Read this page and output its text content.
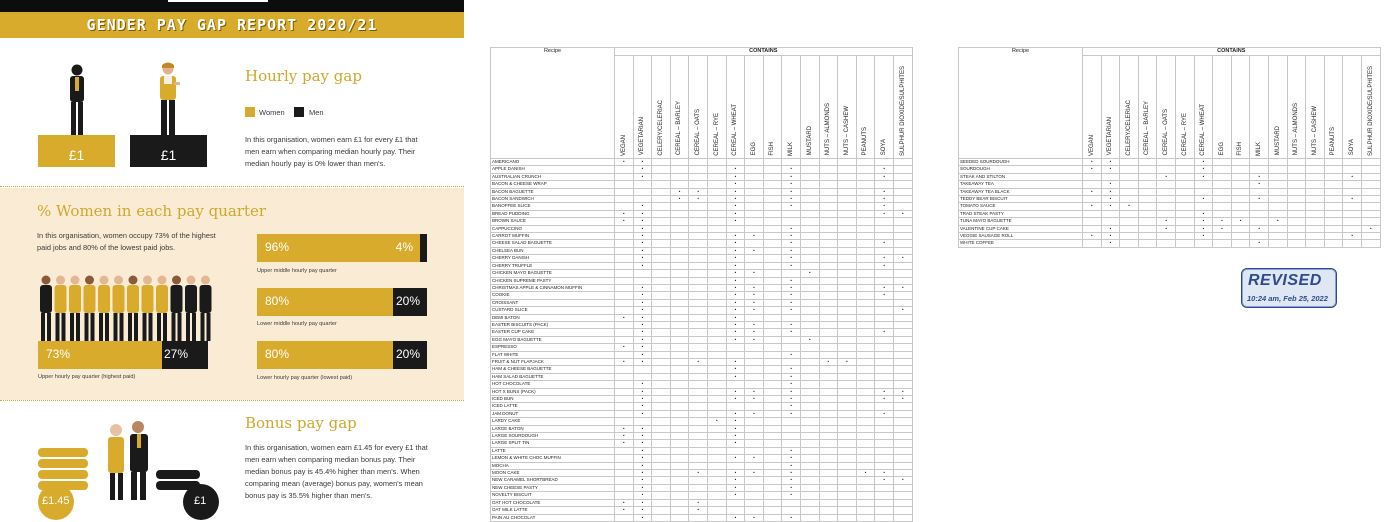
GENDER PAY GAP REPORT 2020/21
£1	£1
Hourly pay gap
Women	Men
In this organisation, women earn £1 for every £1 that men earn when comparing median hourly pay. Their median hourly pay is 0% lower than men's.
% Women in each pay quarter
In this organisation, women occupy 73% of the highest paid jobs and 80% of the lowest paid jobs.
73%	27%
Upper hourly pay quarter (highest paid)
96%	4%
Upper middle hourly pay quarter
80%	20%
Lower middle hourly pay quarter
80%	20%
Lower hourly pay quarter (lowest paid)
Bonus pay gap
In this organisation, women earn £1.45 for every £1 that men earn when comparing median bonus pay. Their median bonus pay is 45.4% higher than men's. When comparing mean (average) bonus pay, women's mean bonus pay is 35.5% higher than men's.
£1.45	£1
Recipe	CONTAINS															
	VEGAN	VEGETARIAN	CELERY/CELERIAC	CEREAL – BARLEY	CEREAL – OATS	CEREAL – RYE	CEREAL – WHEAT	EGG	FISH	MILK	MUSTARD	NUTS – ALMONDS	NUTS – CASHEW	PEANUTS	SOYA	SULPHUR DIOXIDE/SULPHITES
AMERICANO	•	•														
APPLE DANISH		•					•			•					•	
AUSTRALIAN CRUNCH		•					•			•					•	
BACON & CHEESE WRAP							•			•						
BACON BAGUETTE				•	•		•			•					•	
BACON SANDWICH				•	•		•			•					•	
BANOFFEE SLICE		•					•			•					•	
BREAD PUDDING	•	•					•								•	•
BROWN SAUCE	•	•					•									
CAPPUCCINO		•								•						
CARROT MUFFIN		•					•	•		•						
CHEESE SALAD BAGUETTE		•					•			•					•	
CHELSEA BUN		•					•	•		•						
CHERRY DANISH		•					•			•					•	•
CHERRY TRUFFLE		•					•			•					•	
CHICKEN MAYO BAGUETTE							•	•			•					
CHICKEN SUPREME PASTY							•			•						
CHRISTMAS APPLE & CINNAMON MUFFIN		•					•	•		•					•	•
COOKIE		•					•	•		•					•	
CROISSANT		•					•	•		•						
CUSTARD SLICE		•					•	•		•						•
DEMI BATON	•	•					•									
EASTER BISCUITS (PACK)		•					•	•		•						
EASTER CUP CAKE		•					•	•		•					•	
EGG MAYO BAGUETTE		•					•	•			•					
ESPRESSO	•	•														
FLAT WHITE		•								•						
FRUIT & NUT FLAPJACK	•	•			•		•					•	•			
HAM & CHEESE BAGUETTE							•			•						
HAM SALAD BAGUETTE							•			•						
HOT CHOCOLATE		•								•						
HOT X BUNS (PACK)		•					•	•		•					•	•
ICED BUN		•					•	•		•					•	•
ICED LATTE		•								•						
JAM DONUT		•					•	•		•					•	
LARDY CAKE						•	•									
LARGE BATON	•	•					•									
LARGE SOURDOUGH	•	•					•									
LARGE SPLIT TIN	•	•					•									
LATTE		•								•						
LEMON & WHITE CHOC MUFFIN		•					•	•		•						
MOCHA		•								•						
MOON CAKE		•			•		•	•		•				•	•	
NEW CARAMEL SHORTBREAD		•					•			•					•	•
NEW CHEESE PASTY		•					•			•						
NOVELTY BISCUIT		•					•			•						
OAT HOT CHOCOLATE	•	•			•											
OAT MILK LATTE	•	•			•											
PAIN AU CHOCOLAT		•					•	•		•						
Recipe	CONTAINS															
	VEGAN	VEGETARIAN	CELERY/CELERIAC	CEREAL – BARLEY	CEREAL – OATS	CEREAL – RYE	CEREAL – WHEAT	EGG	FISH	MILK	MUSTARD	NUTS – ALMONDS	NUTS – CASHEW	PEANUTS	SOYA	SULPHUR DIOXIDE/SULPHITES
SEEDED SOURDOUGH	•	•					•									
SOURDOUGH	•	•					•									
STEAK AND STILTON					•		•			•					•	
TAKEAWAY TEA		•								•						
TAKEAWAY TEA BLACK	•	•														
TEDDY BEAR BISCUIT		•					•			•					•	
TOMATO SAUCE	•	•	•													
TRAD STEAK PASTY							•									
TUNA MAYO BAGUETTE					•		•	•	•		•					
VALENTINE CUP CAKE		•			•		•	•		•						•
VEGGIE SAUSAGE ROLL	•	•					•								•	
WHITE COFFEE		•								•						
REVISED
10:24 am, Feb 25, 2022
